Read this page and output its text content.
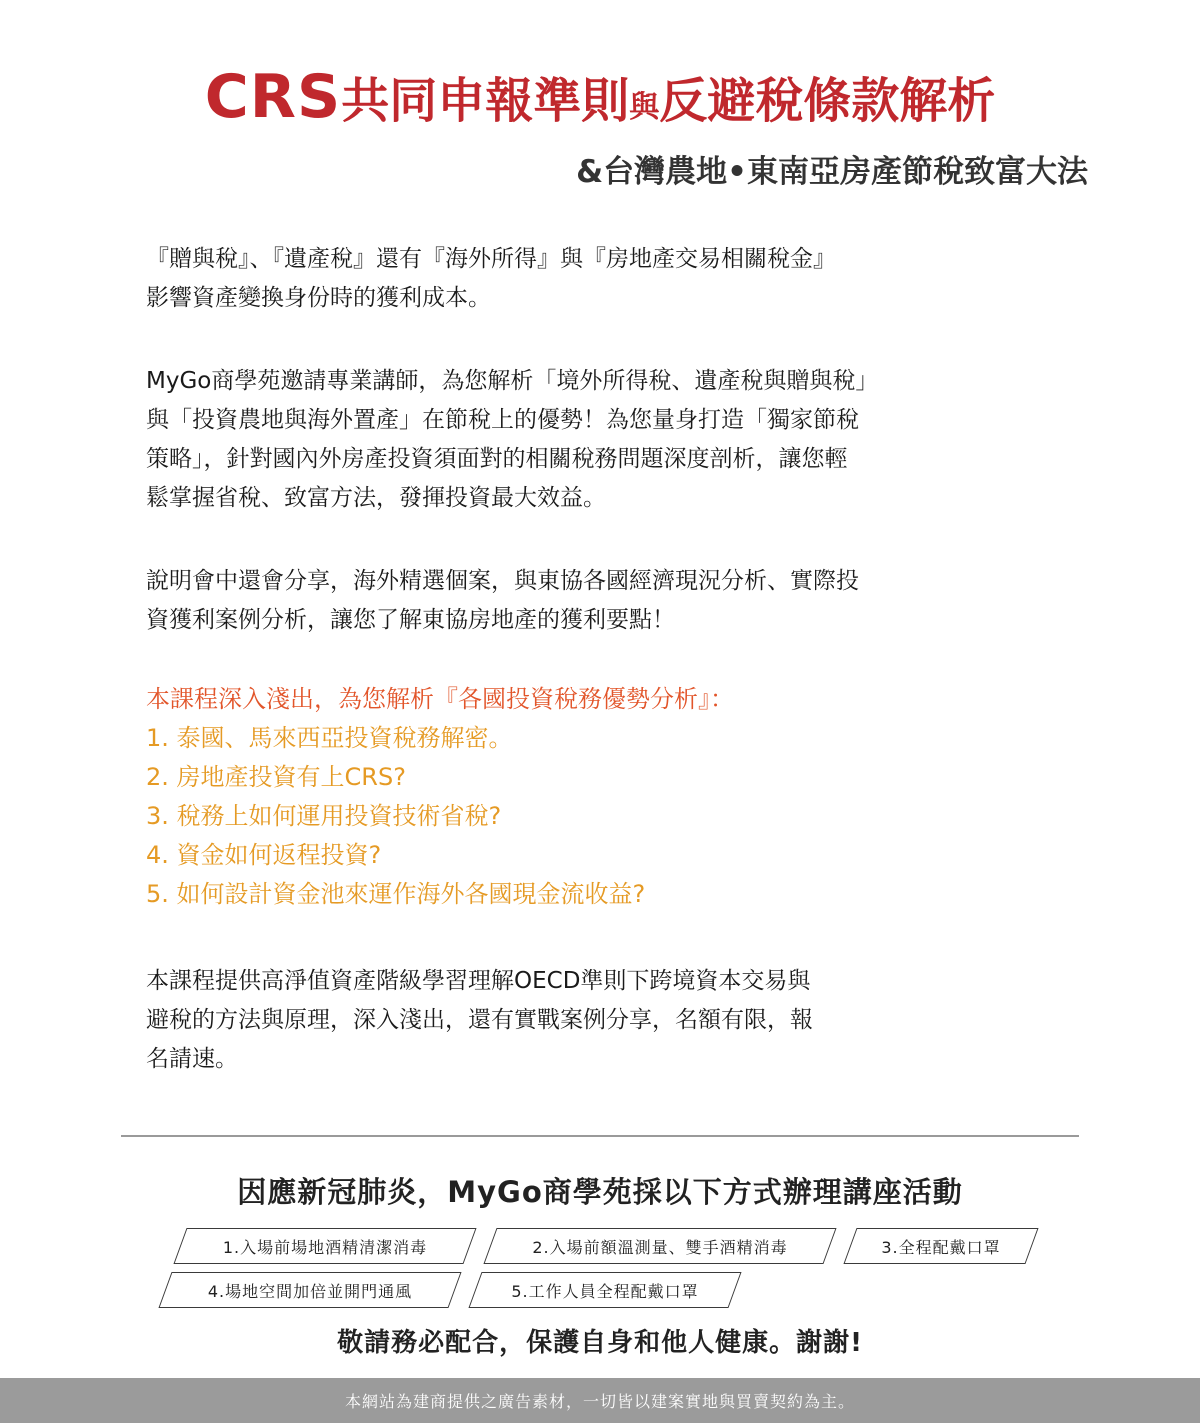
CRS共同申報準則與反避稅條款解析
&台灣農地•東南亞房產節稅致富大法

『贈與稅』、『遺產稅』還有『海外所得』與『房地產交易相關稅金』

影響資產變換身份時的獲利成本。

MyGo商學苑邀請專業講師，為您解析「境外所得稅、遺產稅與贈與稅」

與「投資農地與海外置產」在節稅上的優勢！為您量身打造「獨家節稅

策略」，針對國內外房產投資須面對的相關稅務問題深度剖析，讓您輕

鬆掌握省稅、致富方法，發揮投資最大效益。

說明會中還會分享，海外精選個案，與東協各國經濟現況分析、實際投

資獲利案例分析，讓您了解東協房地產的獲利要點！

本課程深入淺出，為您解析『各國投資稅務優勢分析』：

1. 泰國、馬來西亞投資稅務解密。

2. 房地產投資有上CRS?

3. 稅務上如何運用投資技術省稅?

4. 資金如何返程投資?

5. 如何設計資金池來運作海外各國現金流收益?

本課程提供高淨值資產階級學習理解OECD準則下跨境資本交易與

避稅的方法與原理，深入淺出，還有實戰案例分享，名額有限，報

名請速。

因應新冠肺炎，MyGo商學苑採以下方式辦理講座活動
1.入場前場地酒精清潔消毒	2.入場前額溫測量、雙手酒精消毒	3.全程配戴口罩
4.場地空間加倍並開門通風	5.工作人員全程配戴口罩
敬請務必配合，保護自身和他人健康。謝謝!
本網站為建商提供之廣告素材，一切皆以建案實地與買賣契約為主。
